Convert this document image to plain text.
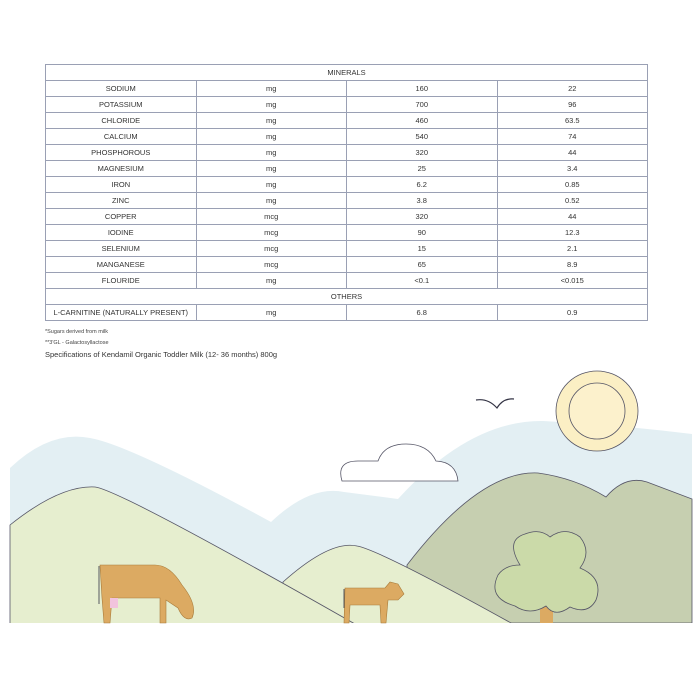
MINERALS			
SODIUM	mg	160	22
POTASSIUM	mg	700	96
CHLORIDE	mg	460	63.5
CALCIUM	mg	540	74
PHOSPHOROUS	mg	320	44
MAGNESIUM	mg	25	3.4
IRON	mg	6.2	0.85
ZINC	mg	3.8	0.52
COPPER	mcg	320	44
IODINE	mcg	90	12.3
SELENIUM	mcg	15	2.1
MANGANESE	mcg	65	8.9
FLOURIDE	mg	<0.1	<0.015
OTHERS			
L-CARNITINE (NATURALLY PRESENT)	mg	6.8	0.9
*Sugars derived from milk
**3'GL - Galactosyllactose
Specifications of Kendamil Organic Toddler Milk (12- 36 months) 800g
